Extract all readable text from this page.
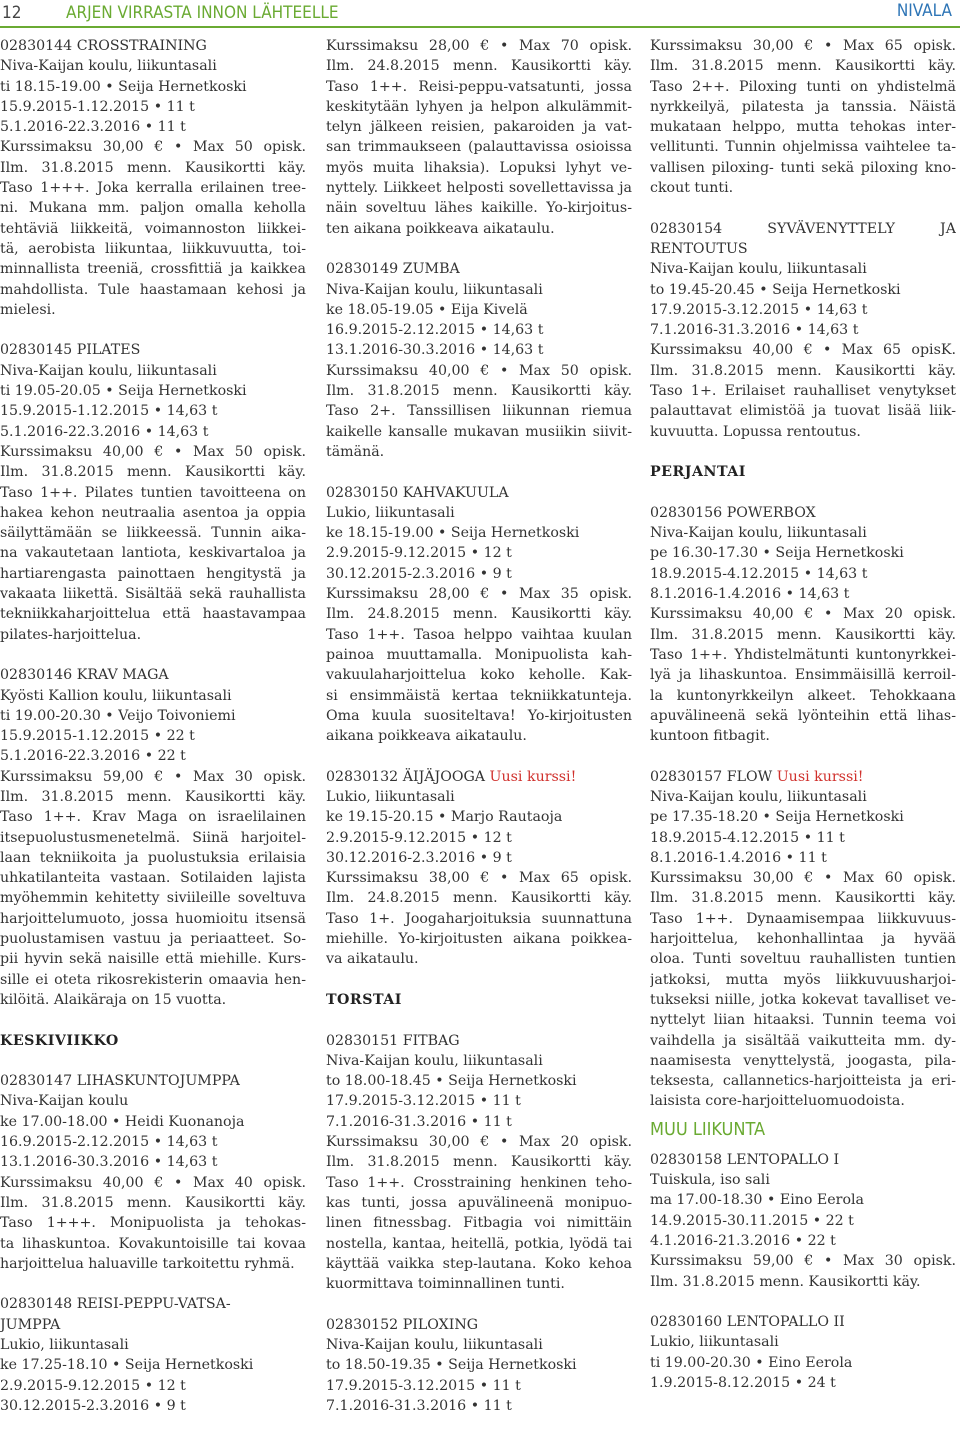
12	ARJEN VIRRASTA INNON LÄHTEELLE	NIVALA
02830144 CROSSTRAINING
Niva-Kaijan koulu, liikuntasali
ti 18.15-19.00 • Seija Hernetkoski
15.9.2015-1.12.2015 • 11 t
5.1.2016-22.3.2016 • 11 t
Kurssimaksu 30,00 € • Max 50 opisk.
Ilm. 31.8.2015 menn. Kausikortti käy.
Taso 1+++. Joka kerralla erilainen tree-
ni. Mukana mm. paljon omalla keholla
tehtäviä liikkeitä, voimannoston liikkei-
tä, aerobista liikuntaa, liikkuvuutta, toi-
minnallista treeniä, crossfittiä ja kaikkea
mahdollista. Tule haastamaan kehosi ja
mielesi.
02830145 PILATES
Niva-Kaijan koulu, liikuntasali
ti 19.05-20.05 • Seija Hernetkoski
15.9.2015-1.12.2015 • 14,63 t
5.1.2016-22.3.2016 • 14,63 t
Kurssimaksu 40,00 € • Max 50 opisk.
Ilm. 31.8.2015 menn. Kausikortti käy.
Taso 1++. Pilates tuntien tavoitteena on
hakea kehon neutraalia asentoa ja oppia
säilyttämään se liikkeessä. Tunnin aika-
na vakautetaan lantiota, keskivartaloa ja
hartiarengasta painottaen hengitystä ja
vakaata liikettä. Sisältää sekä rauhallista
tekniikkaharjoittelua että haastavampaa
pilates-harjoittelua.
02830146 KRAV MAGA
Kyösti Kallion koulu, liikuntasali
ti 19.00-20.30 • Veijo Toivoniemi
15.9.2015-1.12.2015 • 22 t
5.1.2016-22.3.2016 • 22 t
Kurssimaksu 59,00 € • Max 30 opisk.
Ilm. 31.8.2015 menn. Kausikortti käy.
Taso 1++. Krav Maga on israelilainen
itsepuolustusmenetelmä. Siinä harjoitel-
laan tekniikoita ja puolustuksia erilaisia
uhkatilanteita vastaan. Sotilaiden lajista
myöhemmin kehitetty siviileille soveltuva
harjoittelumuoto, jossa huomioitu itsensä
puolustamisen vastuu ja periaatteet. So-
pii hyvin sekä naisille että miehille. Kurs-
sille ei oteta rikosrekisterin omaavia hen-
kilöitä. Alaikäraja on 15 vuotta.
KESKIVIIKKO
02830147 LIHASKUNTOJUMPPA
Niva-Kaijan koulu
ke 17.00-18.00 • Heidi Kuonanoja
16.9.2015-2.12.2015 • 14,63 t
13.1.2016-30.3.2016 • 14,63 t
Kurssimaksu 40,00 € • Max 40 opisk.
Ilm. 31.8.2015 menn. Kausikortti käy.
Taso 1+++. Monipuolista ja tehokas-
ta lihaskuntoa. Kovakuntoisille tai kovaa
harjoittelua haluaville tarkoitettu ryhmä.
02830148 REISI-PEPPU-VATSA-
JUMPPA
Lukio, liikuntasali
ke 17.25-18.10 • Seija Hernetkoski
2.9.2015-9.12.2015 • 12 t
30.12.2015-2.3.2016 • 9 t
Kurssimaksu 28,00 € • Max 70 opisk.
Ilm. 24.8.2015 menn. Kausikortti käy.
Taso 1++. Reisi-peppu-vatsatunti, jossa
keskitytään lyhyen ja helpon alkulämmit-
telyn jälkeen reisien, pakaroiden ja vat-
san trimmaukseen (palauttavissa osioissa
myös muita lihaksia). Lopuksi lyhyt ve-
nyttely. Liikkeet helposti sovellettavissa ja
näin soveltuu lähes kaikille. Yo-kirjoitus-
ten aikana poikkeava aikataulu.
02830149 ZUMBA
Niva-Kaijan koulu, liikuntasali
ke 18.05-19.05 • Eija Kivelä
16.9.2015-2.12.2015 • 14,63 t
13.1.2016-30.3.2016 • 14,63 t
Kurssimaksu 40,00 € • Max 50 opisk.
Ilm. 31.8.2015 menn. Kausikortti käy.
Taso 2+. Tanssillisen liikunnan riemua
kaikelle kansalle mukavan musiikin siivit-
tämänä.
02830150 KAHVAKUULA
Lukio, liikuntasali
ke 18.15-19.00 • Seija Hernetkoski
2.9.2015-9.12.2015 • 12 t
30.12.2015-2.3.2016 • 9 t
Kurssimaksu 28,00 € • Max 35 opisk.
Ilm. 24.8.2015 menn. Kausikortti käy.
Taso 1++. Tasoa helppo vaihtaa kuulan
painoa muuttamalla. Monipuolista kah-
vakuulaharjoittelua koko keholle. Kak-
si ensimmäistä kertaa tekniikkatunteja.
Oma kuula suositeltava! Yo-kirjoitusten
aikana poikkeava aikataulu.
02830132 ÄIJÄJOOGA Uusi kurssi!
Lukio, liikuntasali
ke 19.15-20.15 • Marjo Rautaoja
2.9.2015-9.12.2015 • 12 t
30.12.2016-2.3.2016 • 9 t
Kurssimaksu 38,00 € • Max 65 opisk.
Ilm. 24.8.2015 menn. Kausikortti käy.
Taso 1+. Joogaharjoituksia suunnattuna
miehille. Yo-kirjoitusten aikana poikkea-
va aikataulu.
TORSTAI
02830151 FITBAG
Niva-Kaijan koulu, liikuntasali
to 18.00-18.45 • Seija Hernetkoski
17.9.2015-3.12.2015 • 11 t
7.1.2016-31.3.2016 • 11 t
Kurssimaksu 30,00 € • Max 20 opisk.
Ilm. 31.8.2015 menn. Kausikortti käy.
Taso 1++. Crosstraining henkinen teho-
kas tunti, jossa apuvälineenä monipuo-
linen fitnessbag. Fitbagia voi nimittäin
nostella, kantaa, heitellä, potkia, lyödä tai
käyttää vaikka step-lautana. Koko kehoa
kuormittava toiminnallinen tunti.
02830152 PILOXING
Niva-Kaijan koulu, liikuntasali
to 18.50-19.35 • Seija Hernetkoski
17.9.2015-3.12.2015 • 11 t
7.1.2016-31.3.2016 • 11 t
Kurssimaksu 30,00 € • Max 65 opisk.
Ilm. 31.8.2015 menn. Kausikortti käy.
Taso 2++. Piloxing tunti on yhdistelmä
nyrkkeilyä, pilatesta ja tanssia. Näistä
mukataan helppo, mutta tehokas inter-
vellitunti. Tunnin ohjelmissa vaihtelee ta-
vallisen piloxing- tunti sekä piloxing kno-
ckout tunti.
02830154 SYVÄVENYTTELY JA
RENTOUTUS
Niva-Kaijan koulu, liikuntasali
to 19.45-20.45 • Seija Hernetkoski
17.9.2015-3.12.2015 • 14,63 t
7.1.2016-31.3.2016 • 14,63 t
Kurssimaksu 40,00 € • Max 65 opisK.
Ilm. 31.8.2015 menn. Kausikortti käy.
Taso 1+. Erilaiset rauhalliset venytykset
palauttavat elimistöä ja tuovat lisää liik-
kuvuutta. Lopussa rentoutus.
PERJANTAI
02830156 POWERBOX
Niva-Kaijan koulu, liikuntasali
pe 16.30-17.30 • Seija Hernetkoski
18.9.2015-4.12.2015 • 14,63 t
8.1.2016-1.4.2016 • 14,63 t
Kurssimaksu 40,00 € • Max 20 opisk.
Ilm. 31.8.2015 menn. Kausikortti käy.
Taso 1++. Yhdistelmätunti kuntonyrkkei-
lyä ja lihaskuntoa. Ensimmäisillä kerroil-
la kuntonyrkkeilyn alkeet. Tehokkaana
apuvälineenä sekä lyönteihin että lihas-
kuntoon fitbagit.
02830157 FLOW Uusi kurssi!
Niva-Kaijan koulu, liikuntasali
pe 17.35-18.20 • Seija Hernetkoski
18.9.2015-4.12.2015 • 11 t
8.1.2016-1.4.2016 • 11 t
Kurssimaksu 30,00 € • Max 60 opisk.
Ilm. 31.8.2015 menn. Kausikortti käy.
Taso 1++. Dynaamisempaa liikkuvuus-
harjoittelua, kehonhallintaa ja hyvää
oloa. Tunti soveltuu rauhallisten tuntien
jatkoksi, mutta myös liikkuvuusharjoi-
tukseksi niille, jotka kokevat tavalliset ve-
nyttelyt liian hitaaksi. Tunnin teema voi
vaihdella ja sisältää vaikutteita mm. dy-
naamisesta venyttelystä, joogasta, pila-
teksesta, callannetics-harjoitteista ja eri-
laisista core-harjoitteluomuodoista.
MUU LIIKUNTA
02830158 LENTOPALLO I
Tuiskula, iso sali
ma 17.00-18.30 • Eino Eerola
14.9.2015-30.11.2015 • 22 t
4.1.2016-21.3.2016 • 22 t
Kurssimaksu 59,00 € • Max 30 opisk.
Ilm. 31.8.2015 menn. Kausikortti käy.
02830160 LENTOPALLO II
Lukio, liikuntasali
ti 19.00-20.30 • Eino Eerola
1.9.2015-8.12.2015 • 24 t
